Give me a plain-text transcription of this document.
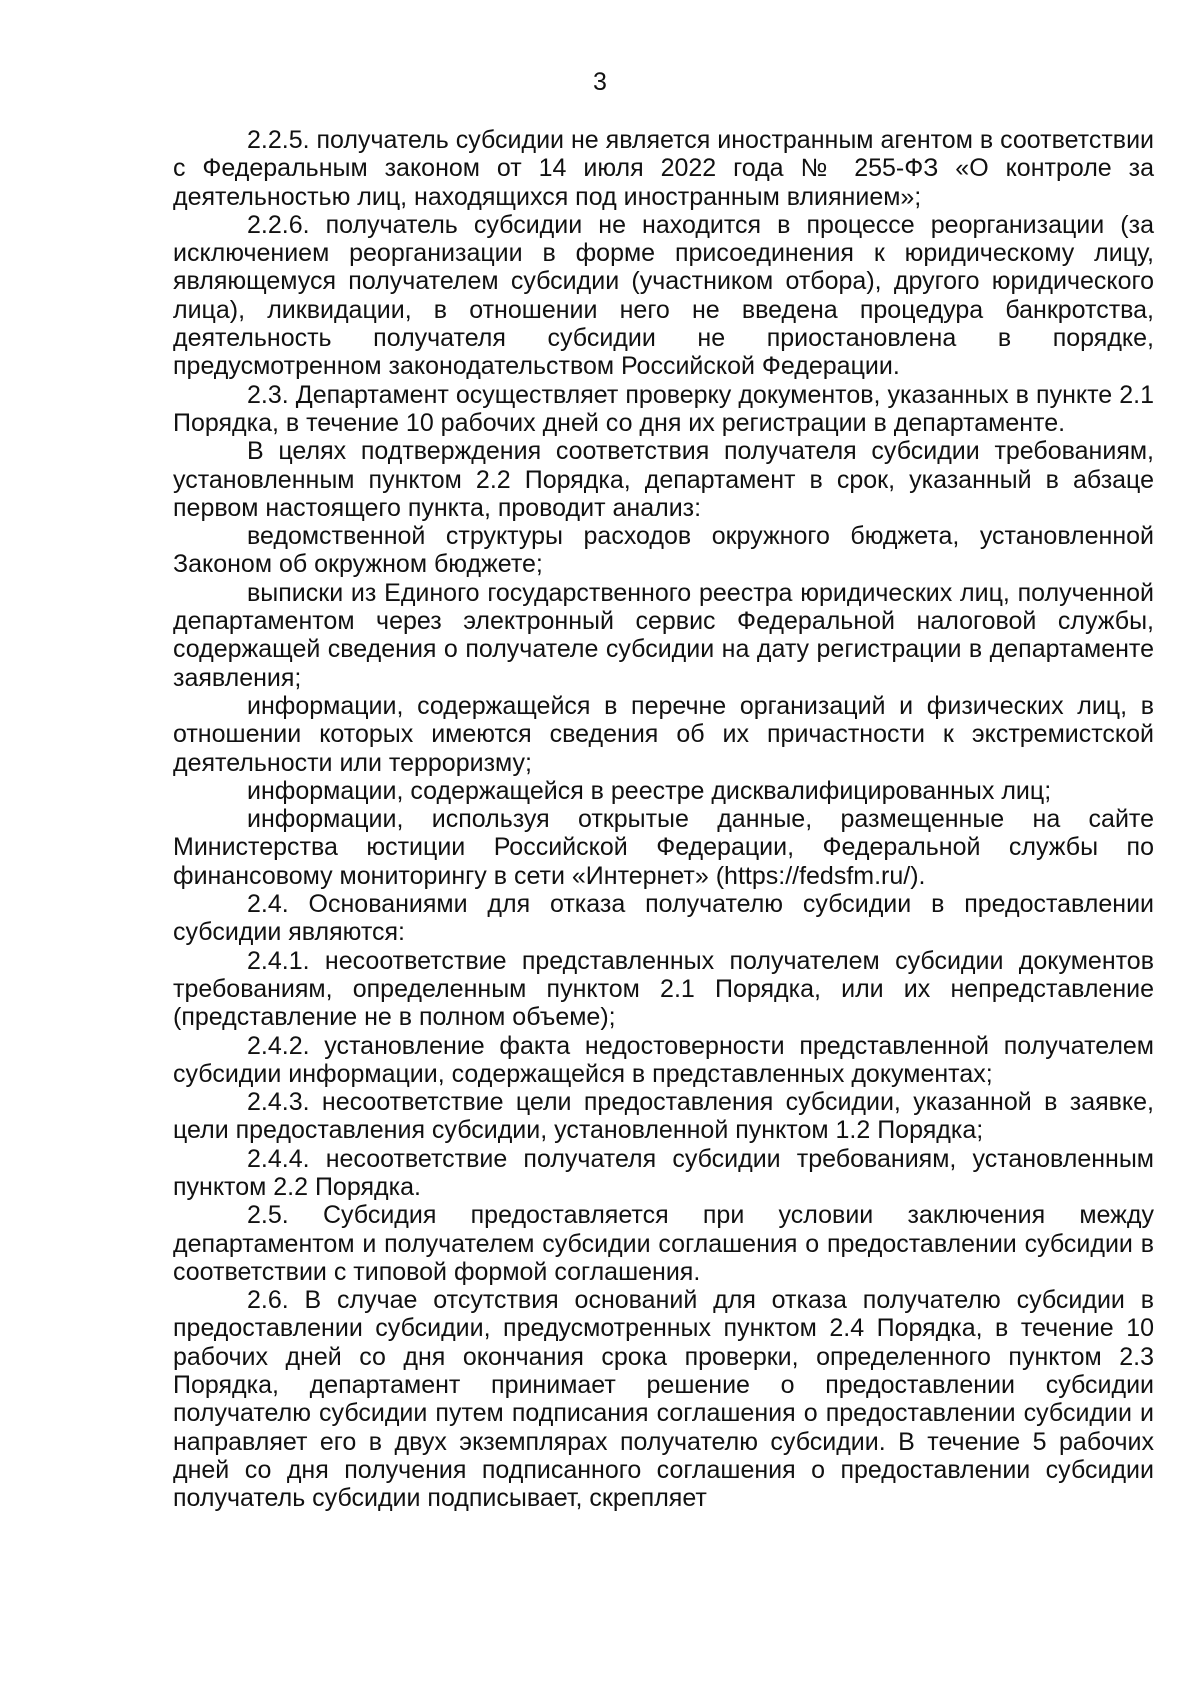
3

2.2.5. получатель субсидии не является иностранным агентом в соответствии с Федеральным законом от 14 июля 2022 года № 255-ФЗ «О контроле за деятельностью лиц, находящихся под иностранным влиянием»;

2.2.6. получатель субсидии не находится в процессе реорганизации (за исключением реорганизации в форме присоединения к юридическому лицу, являющемуся получателем субсидии (участником отбора), другого юридического лица), ликвидации, в отношении него не введена процедура банкротства, деятельность получателя субсидии не приостановлена в порядке, предусмотренном законодательством Российской Федерации.

2.3. Департамент осуществляет проверку документов, указанных в пункте 2.1 Порядка, в течение 10 рабочих дней со дня их регистрации в департаменте.

В целях подтверждения соответствия получателя субсидии требованиям, установленным пунктом 2.2 Порядка, департамент в срок, указанный в абзаце первом настоящего пункта, проводит анализ:

ведомственной структуры расходов окружного бюджета, установленной Законом об окружном бюджете;

выписки из Единого государственного реестра юридических лиц, полученной департаментом через электронный сервис Федеральной налоговой службы, содержащей сведения о получателе субсидии на дату регистрации в департаменте заявления;

информации, содержащейся в перечне организаций и физических лиц, в отношении которых имеются сведения об их причастности к экстремистской деятельности или терроризму;

информации, содержащейся в реестре дисквалифицированных лиц;

информации, используя открытые данные, размещенные на сайте Министерства юстиции Российской Федерации, Федеральной службы по финансовому мониторингу в сети «Интернет» (https://fedsfm.ru/).

2.4. Основаниями для отказа получателю субсидии в предоставлении субсидии являются:

2.4.1. несоответствие представленных получателем субсидии документов требованиям, определенным пунктом 2.1 Порядка, или их непредставление (представление не в полном объеме);

2.4.2. установление факта недостоверности представленной получателем субсидии информации, содержащейся в представленных документах;

2.4.3. несоответствие цели предоставления субсидии, указанной в заявке, цели предоставления субсидии, установленной пунктом 1.2 Порядка;

2.4.4. несоответствие получателя субсидии требованиям, установленным пунктом 2.2 Порядка.

2.5. Субсидия предоставляется при условии заключения между департаментом и получателем субсидии соглашения о предоставлении субсидии в соответствии с типовой формой соглашения.

2.6. В случае отсутствия оснований для отказа получателю субсидии в предоставлении субсидии, предусмотренных пунктом 2.4 Порядка, в течение 10 рабочих дней со дня окончания срока проверки, определенного пунктом 2.3 Порядка, департамент принимает решение о предоставлении субсидии получателю субсидии путем подписания соглашения о предоставлении субсидии и направляет его в двух экземплярах получателю субсидии. В течение 5 рабочих дней со дня получения подписанного соглашения о предоставлении субсидии получатель субсидии подписывает, скрепляет
